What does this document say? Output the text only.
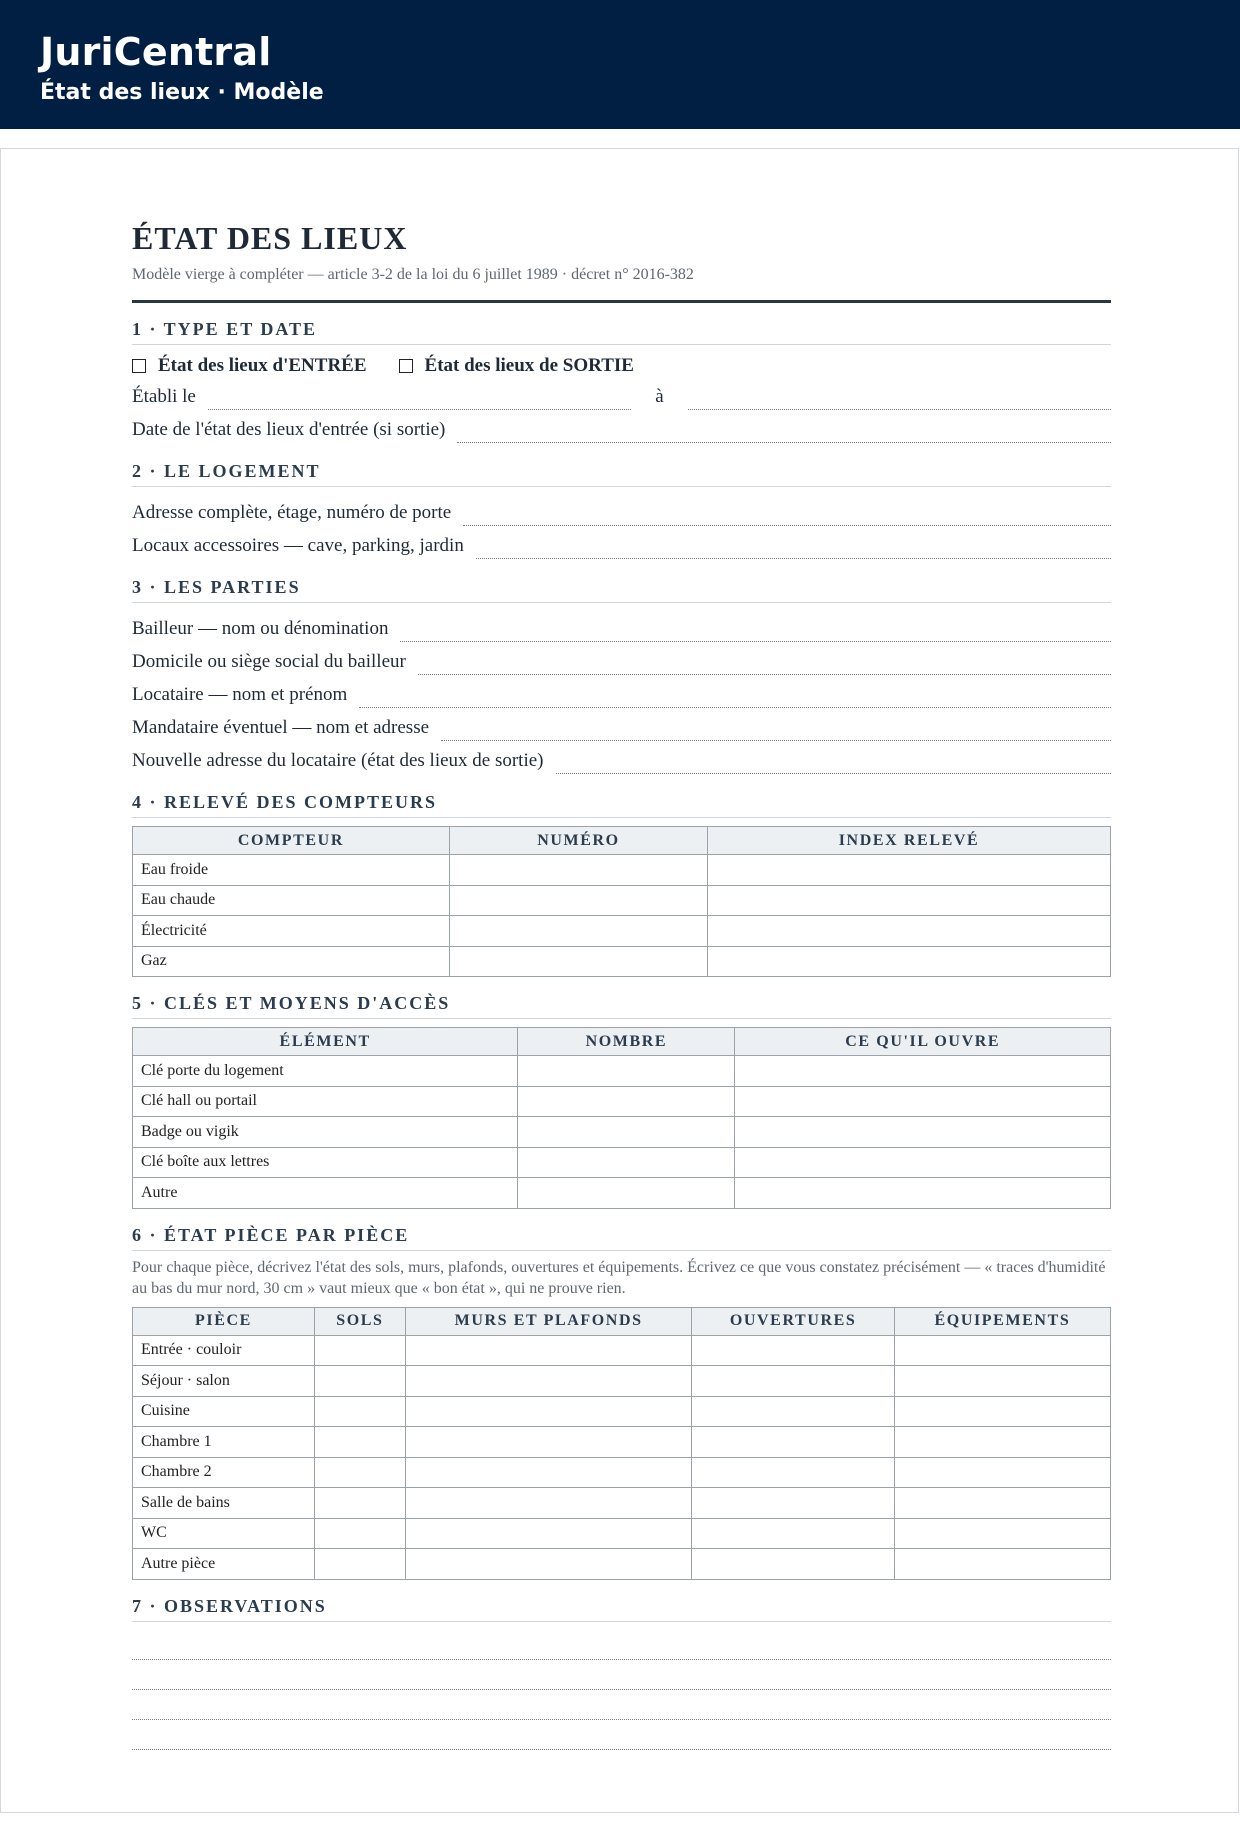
JuriCentral
État des lieux · Modèle
ÉTAT DES LIEUX
Modèle vierge à compléter — article 3-2 de la loi du 6 juillet 1989 · décret n° 2016-382
1 · TYPE ET DATE
État des lieux d'ENTRÉE	État des lieux de SORTIE
Établi le	à
Date de l'état des lieux d'entrée (si sortie)
2 · LE LOGEMENT
Adresse complète, étage, numéro de porte
Locaux accessoires — cave, parking, jardin
3 · LES PARTIES
Bailleur — nom ou dénomination
Domicile ou siège social du bailleur
Locataire — nom et prénom
Mandataire éventuel — nom et adresse
Nouvelle adresse du locataire (état des lieux de sortie)
4 · RELEVÉ DES COMPTEURS
COMPTEUR	NUMÉRO	INDEX RELEVÉ
Eau froide		
Eau chaude		
Électricité		
Gaz		
5 · CLÉS ET MOYENS D'ACCÈS
ÉLÉMENT	NOMBRE	CE QU'IL OUVRE
Clé porte du logement		
Clé hall ou portail		
Badge ou vigik		
Clé boîte aux lettres		
Autre		
6 · ÉTAT PIÈCE PAR PIÈCE
Pour chaque pièce, décrivez l'état des sols, murs, plafonds, ouvertures et équipements. Écrivez ce que vous constatez précisément — « traces d'humidité au bas du mur nord, 30 cm » vaut mieux que « bon état », qui ne prouve rien.
PIÈCE	SOLS	MURS ET PLAFONDS	OUVERTURES	ÉQUIPEMENTS
Entrée · couloir				
Séjour · salon				
Cuisine				
Chambre 1				
Chambre 2				
Salle de bains				
WC				
Autre pièce				
7 · OBSERVATIONS
